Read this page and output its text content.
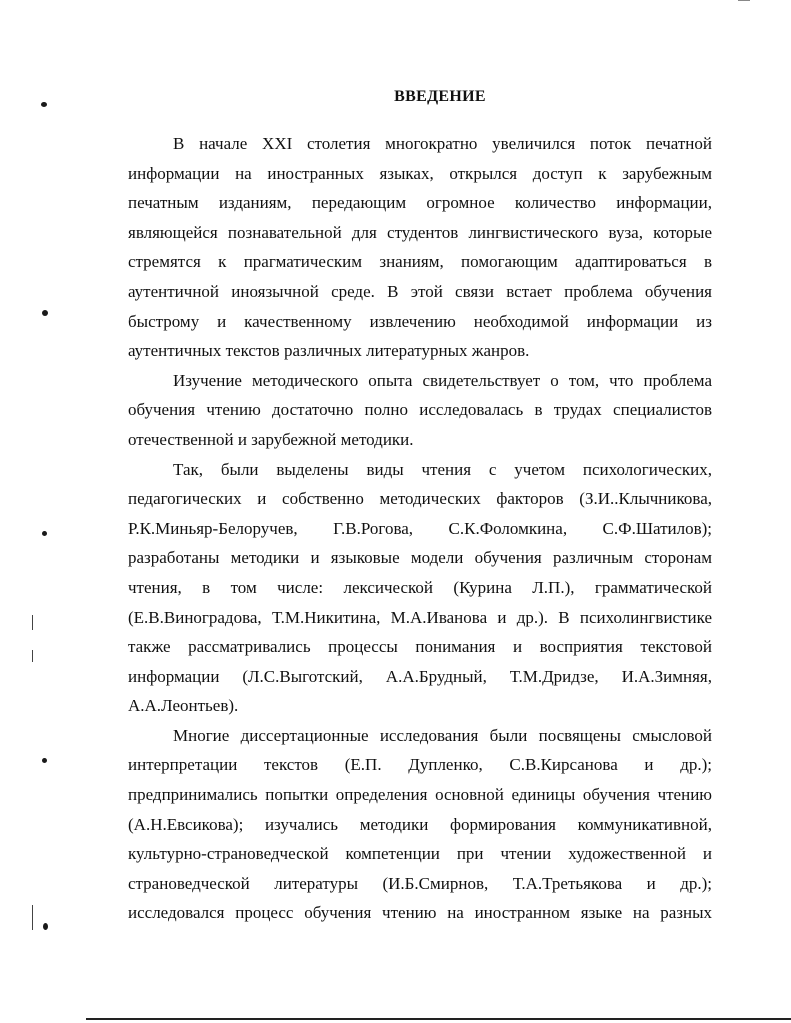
ВВЕДЕНИЕ
В начале XXI столетия многократно увеличился поток печатной
информации на иностранных языках, открылся доступ к зарубежным
печатным изданиям, передающим огромное количество информации,
являющейся познавательной для студентов лингвистического вуза, которые
стремятся к прагматическим знаниям, помогающим адаптироваться в
аутентичной иноязычной среде. В этой связи встает проблема обучения
быстрому и качественному извлечению необходимой информации из
аутентичных текстов различных литературных жанров.
Изучение методического опыта свидетельствует о том, что проблема
обучения чтению достаточно полно исследовалась в трудах специалистов
отечественной и зарубежной методики.
Так, были выделены виды чтения с учетом психологических,
педагогических и собственно методических факторов (З.И..Клычникова,
Р.К.Миньяр-Белоручев, Г.В.Рогова, С.К.Фоломкина, С.Ф.Шатилов);
разработаны методики и языковые модели обучения различным сторонам
чтения, в том числе: лексической (Курина Л.П.), грамматической
(Е.В.Виноградова, Т.М.Никитина, М.А.Иванова и др.). В психолингвистике
также рассматривались процессы понимания и восприятия текстовой
информации (Л.С.Выготский, А.А.Брудный, Т.М.Дридзе, И.А.Зимняя,
А.А.Леонтьев).
Многие диссертационные исследования были посвящены смысловой
интерпретации текстов (Е.П. Дупленко, С.В.Кирсанова и др.);
предпринимались попытки определения основной единицы обучения чтению
(А.Н.Евсикова); изучались методики формирования коммуникативной,
культурно-страноведческой компетенции при чтении художественной и
страноведческой литературы (И.Б.Смирнов, Т.А.Третьякова и др.);
исследовался процесс обучения чтению на иностранном языке на разных
